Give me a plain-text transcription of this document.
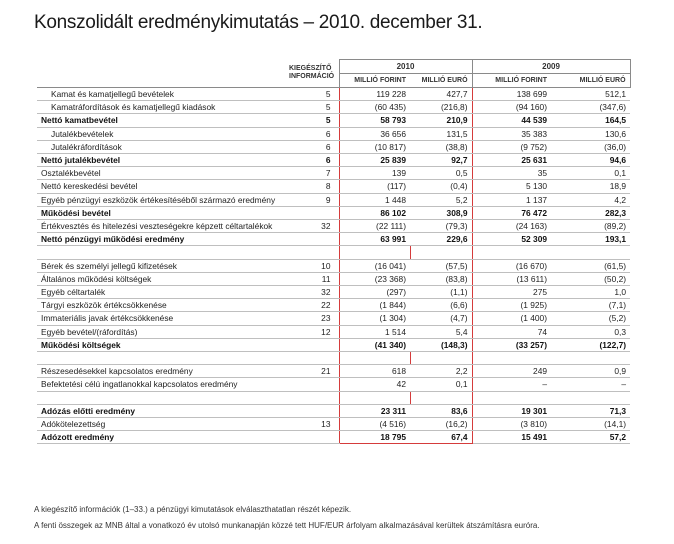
Konszolidált eredménykimutatás – 2010. december 31.

	KIEGÉSZÍTŐ
INFORMÁCIÓ	2010		2009	
		MILLIÓ FORINT	MILLIÓ EURÓ	MILLIÓ FORINT	MILLIÓ EURÓ
Kamat és kamatjellegű bevételek	5	119 228	427,7	138 699	512,1
Kamatráfordítások és kamatjellegű kiadások	5	(60 435)	(216,8)	(94 160)	(347,6)
Nettó kamatbevétel	5	58 793	210,9	44 539	164,5
Jutalékbevételek	6	36 656	131,5	35 383	130,6
Jutalékráfordítások	6	(10 817)	(38,8)	(9 752)	(36,0)
Nettó jutalékbevétel	6	25 839	92,7	25 631	94,6
Osztalékbevétel	7	139	0,5	35	0,1
Nettó kereskedési bevétel	8	(117)	(0,4)	5 130	18,9
Egyéb pénzügyi eszközök értékesítéséből származó eredmény	9	1 448	5,2	1 137	4,2
Működési bevétel		86 102	308,9	76 472	282,3
Értékvesztés és hitelezési veszteségekre képzett céltartalékok	32	(22 111)	(79,3)	(24 163)	(89,2)
Nettó pénzügyi működési eredmény		63 991	229,6	52 309	193,1

Bérek és személyi jellegű kifizetések	10	(16 041)	(57,5)	(16 670)	(61,5)
Általános működési költségek	11	(23 368)	(83,8)	(13 611)	(50,2)
Egyéb céltartalék	32	(297)	(1,1)	275	1,0
Tárgyi eszközök értékcsökkenése	22	(1 844)	(6,6)	(1 925)	(7,1)
Immateriális javak értékcsökkenése	23	(1 304)	(4,7)	(1 400)	(5,2)
Egyéb bevétel/(ráfordítás)	12	1 514	5,4	74	0,3
Működési költségek		(41 340)	(148,3)	(33 257)	(122,7)

Részesedésekkel kapcsolatos eredmény	21	618	2,2	249	0,9
Befektetési célú ingatlanokkal kapcsolatos eredmény		42	0,1	–	–

Adózás előtti eredmény		23 311	83,6	19 301	71,3
Adókötelezettség	13	(4 516)	(16,2)	(3 810)	(14,1)
Adózott eredmény		18 795	67,4	15 491	57,2
A kiegészítő információk (1–33.) a pénzügyi kimutatások elválaszthatatlan részét képezik.
A fenti összegek az MNB által a vonatkozó év utolsó munkanapján közzé tett HUF/EUR árfolyam alkalmazásával kerültek átszámításra euróra.
